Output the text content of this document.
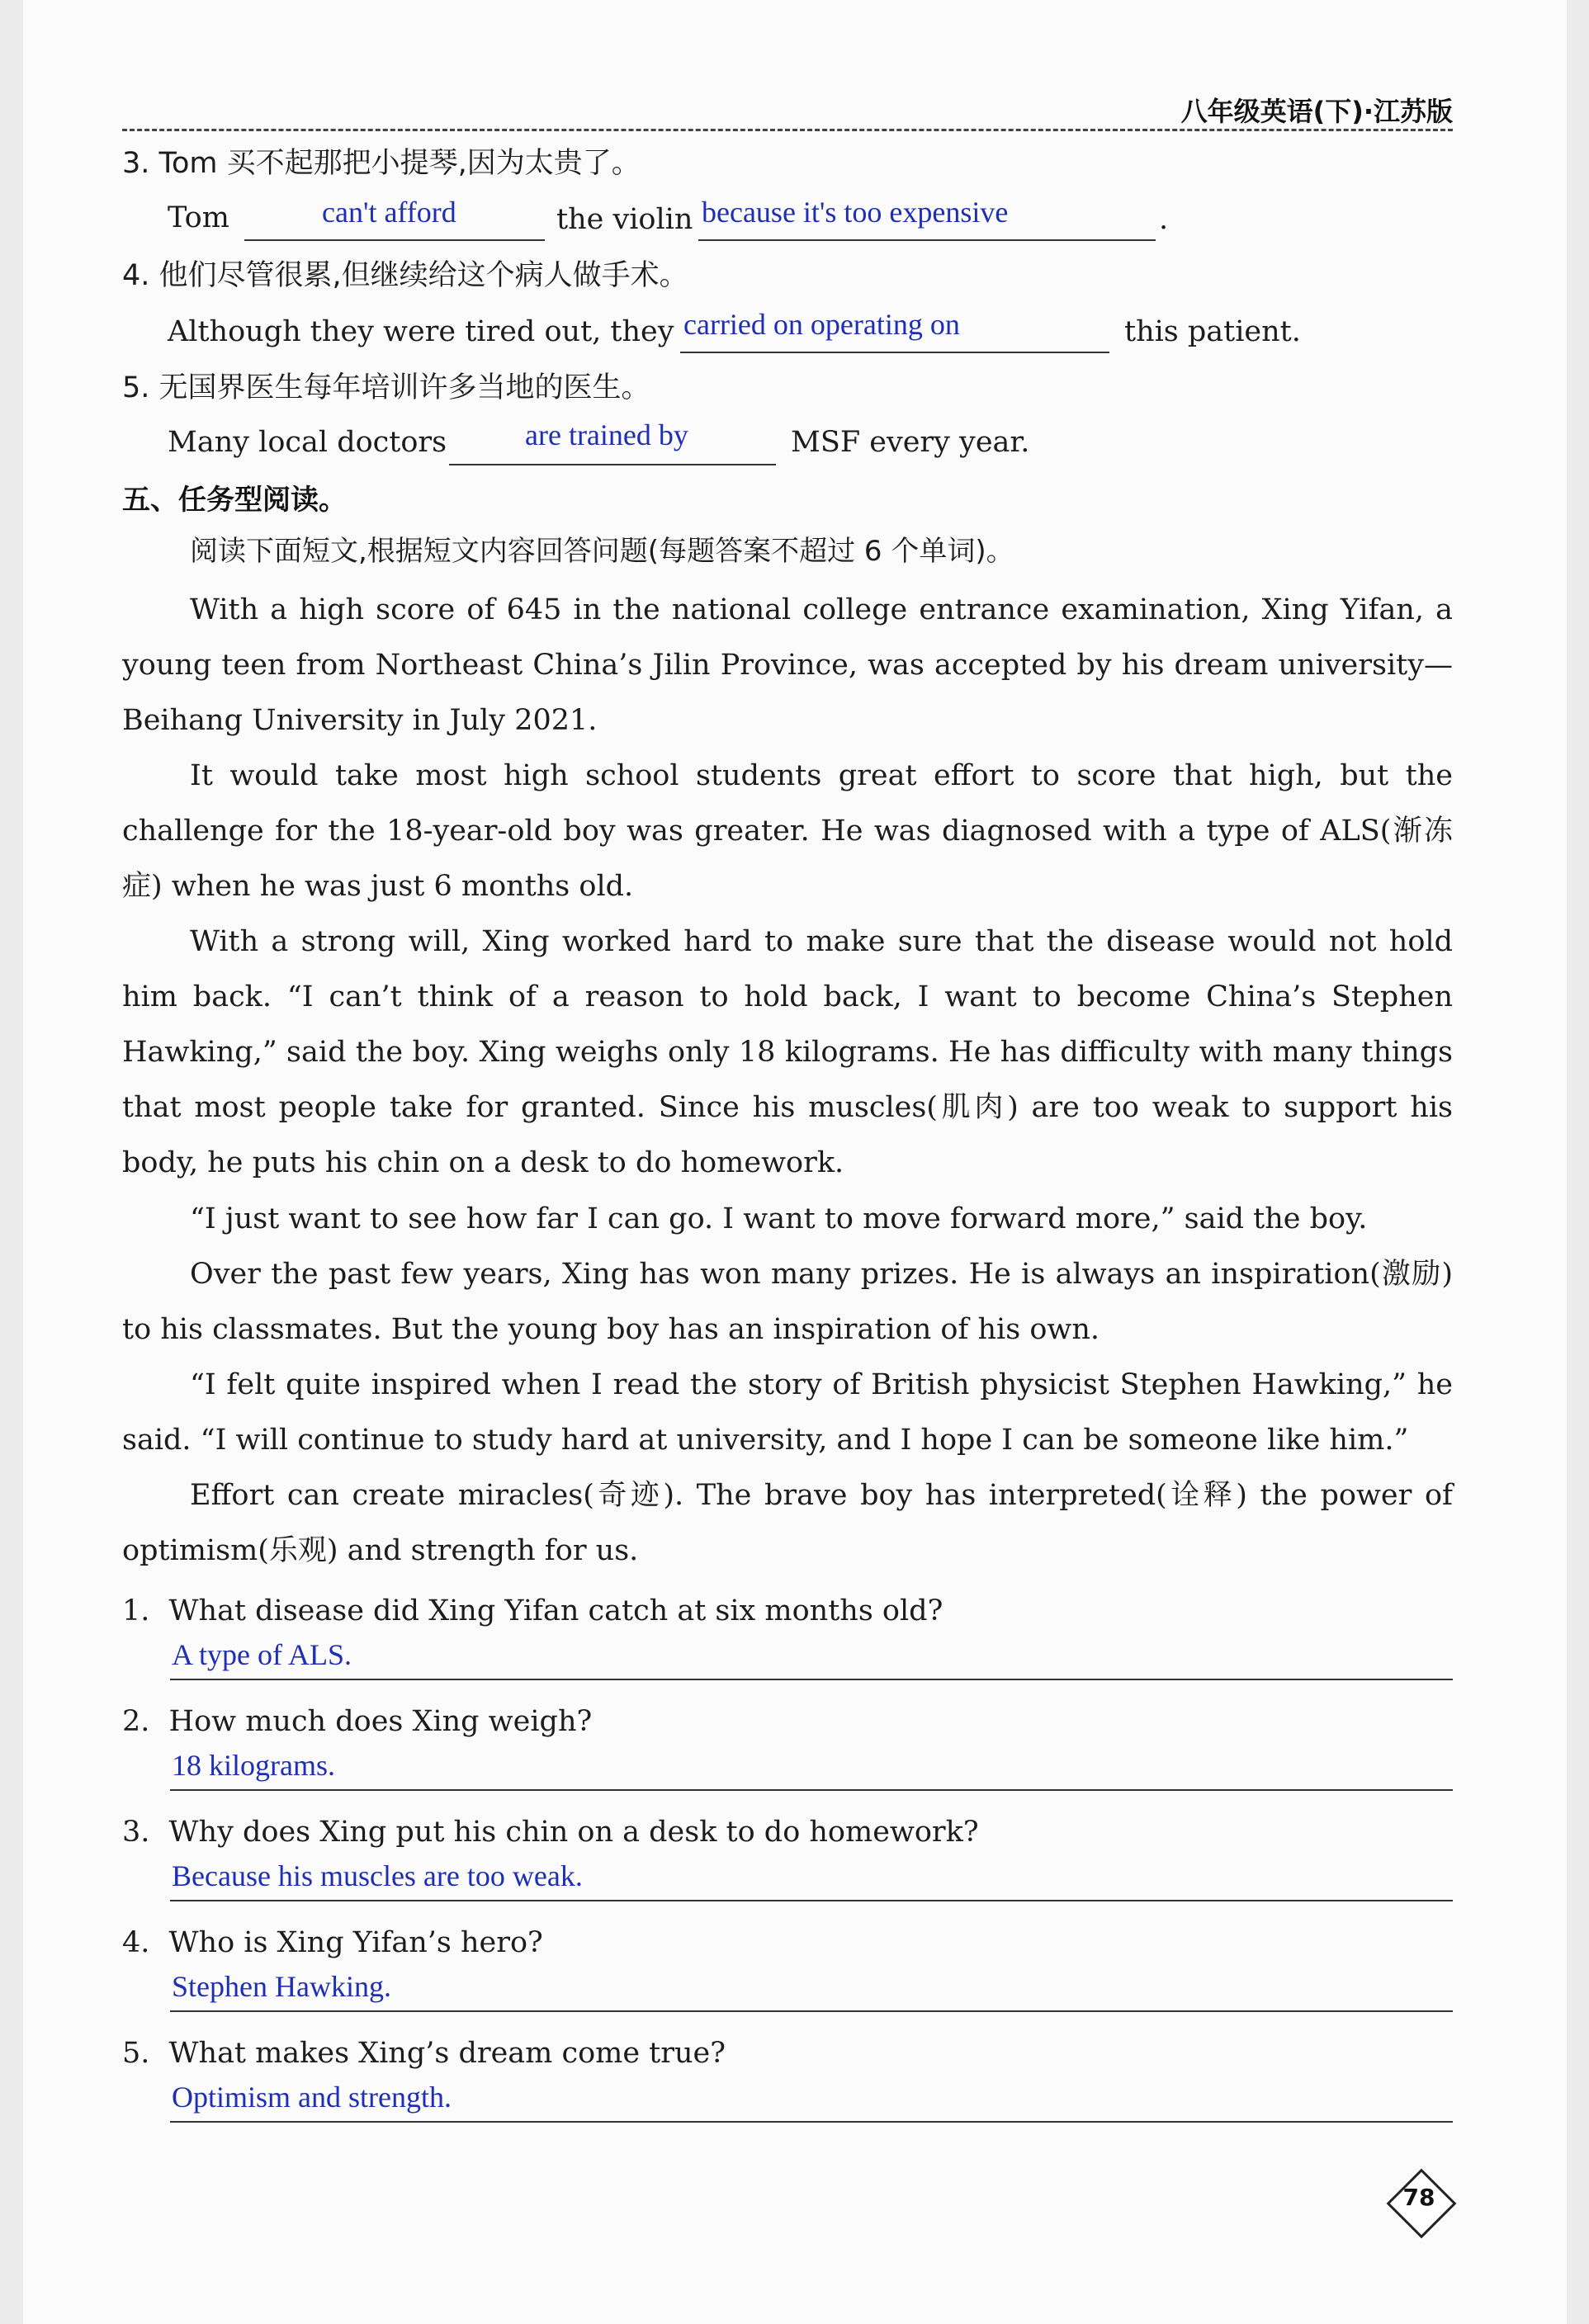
八年级英语(下)·江苏版
3. Tom 买不起那把小提琴,因为太贵了。
Tom	can't afford	the violin because it's too expensive	.
4. 他们尽管很累,但继续给这个病人做手术。
Although they were tired out, they carried on operating on	this patient.
5. 无国界医生每年培训许多当地的医生。
Many local doctors	are trained by	MSF every year.
五、任务型阅读。
阅读下面短文,根据短文内容回答问题(每题答案不超过 6 个单词)。
With a high score of 645 in the national college entrance examination, Xing Yifan, a young teen from Northeast China’s Jilin Province, was accepted by his dream university—Beihang University in July 2021.
It would take most high school students great effort to score that high, but the challenge for the 18-year-old boy was greater. He was diagnosed with a type of ALS(渐冻症) when he was just 6 months old.
With a strong will, Xing worked hard to make sure that the disease would not hold him back. “I can’t think of a reason to hold back, I want to become China’s Stephen Hawking,” said the boy. Xing weighs only 18 kilograms. He has difficulty with many things that most people take for granted. Since his muscles(肌肉) are too weak to support his body, he puts his chin on a desk to do homework.
“I just want to see how far I can go. I want to move forward more,” said the boy.
Over the past few years, Xing has won many prizes. He is always an inspiration(激励) to his classmates. But the young boy has an inspiration of his own.
“I felt quite inspired when I read the story of British physicist Stephen Hawking,” he said. “I will continue to study hard at university, and I hope I can be someone like him.”
Effort can create miracles(奇迹). The brave boy has interpreted(诠释) the power of optimism(乐观) and strength for us.
1. What disease did Xing Yifan catch at six months old?
A type of ALS.
2. How much does Xing weigh?
18 kilograms.
3. Why does Xing put his chin on a desk to do homework?
Because his muscles are too weak.
4. Who is Xing Yifan’s hero?
Stephen Hawking.
5. What makes Xing’s dream come true?
Optimism and strength.
78
